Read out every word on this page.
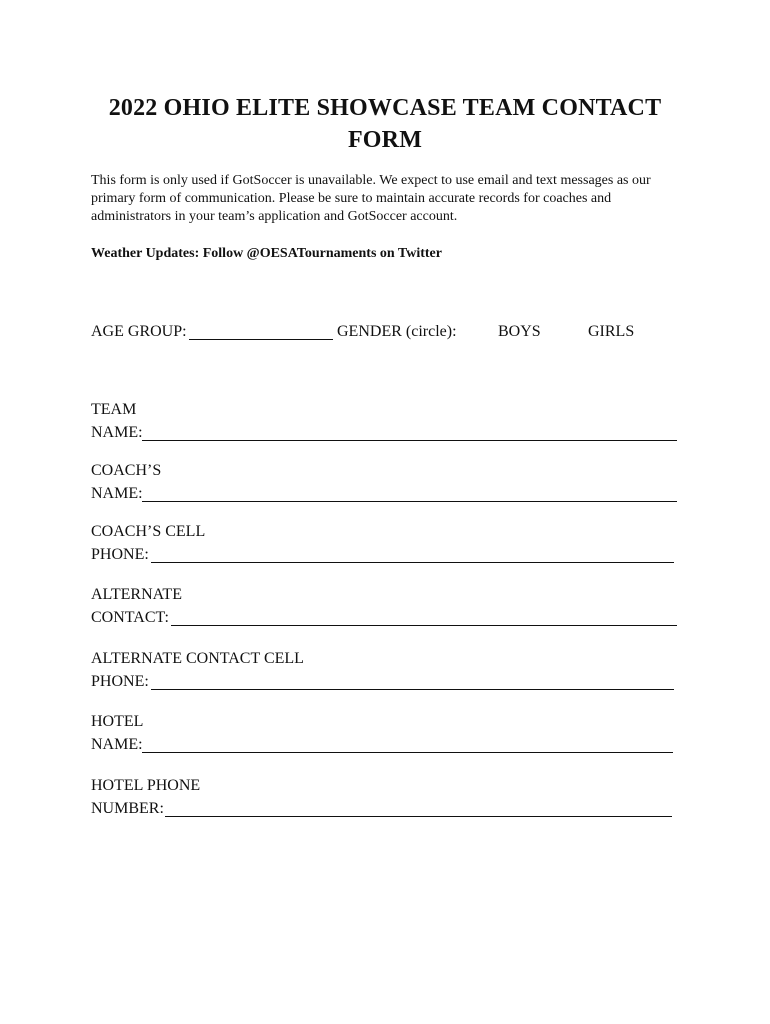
2022 OHIO ELITE SHOWCASE TEAM CONTACT FORM
This form is only used if GotSoccer is unavailable. We expect to use email and text messages as our primary form of communication. Please be sure to maintain accurate records for coaches and administrators in your team’s application and GotSoccer account.
Weather Updates: Follow @OESATournaments on Twitter
AGE GROUP:	GENDER (circle):	BOYS	GIRLS
TEAM
NAME:
COACH’S
NAME:
COACH’S CELL
PHONE:
ALTERNATE
CONTACT:
ALTERNATE CONTACT CELL
PHONE:
HOTEL
NAME:
HOTEL PHONE
NUMBER:
